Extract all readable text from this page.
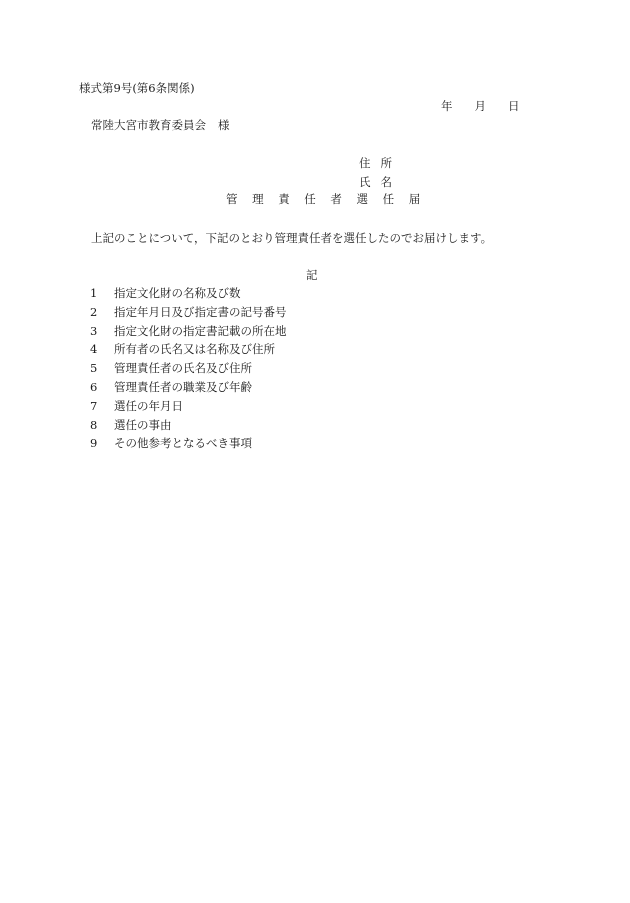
様式第9号(第6条関係)
年 月 日
常陸大宮市教育委員会 様
住所
氏名
管理責任者選任届
上記のことについて，下記のとおり管理責任者を選任したのでお届けします。
記
1	指定文化財の名称及び数
2	指定年月日及び指定書の記号番号
3	指定文化財の指定書記載の所在地
4	所有者の氏名又は名称及び住所
5	管理責任者の氏名及び住所
6	管理責任者の職業及び年齢
7	選任の年月日
8	選任の事由
9	その他参考となるべき事項
